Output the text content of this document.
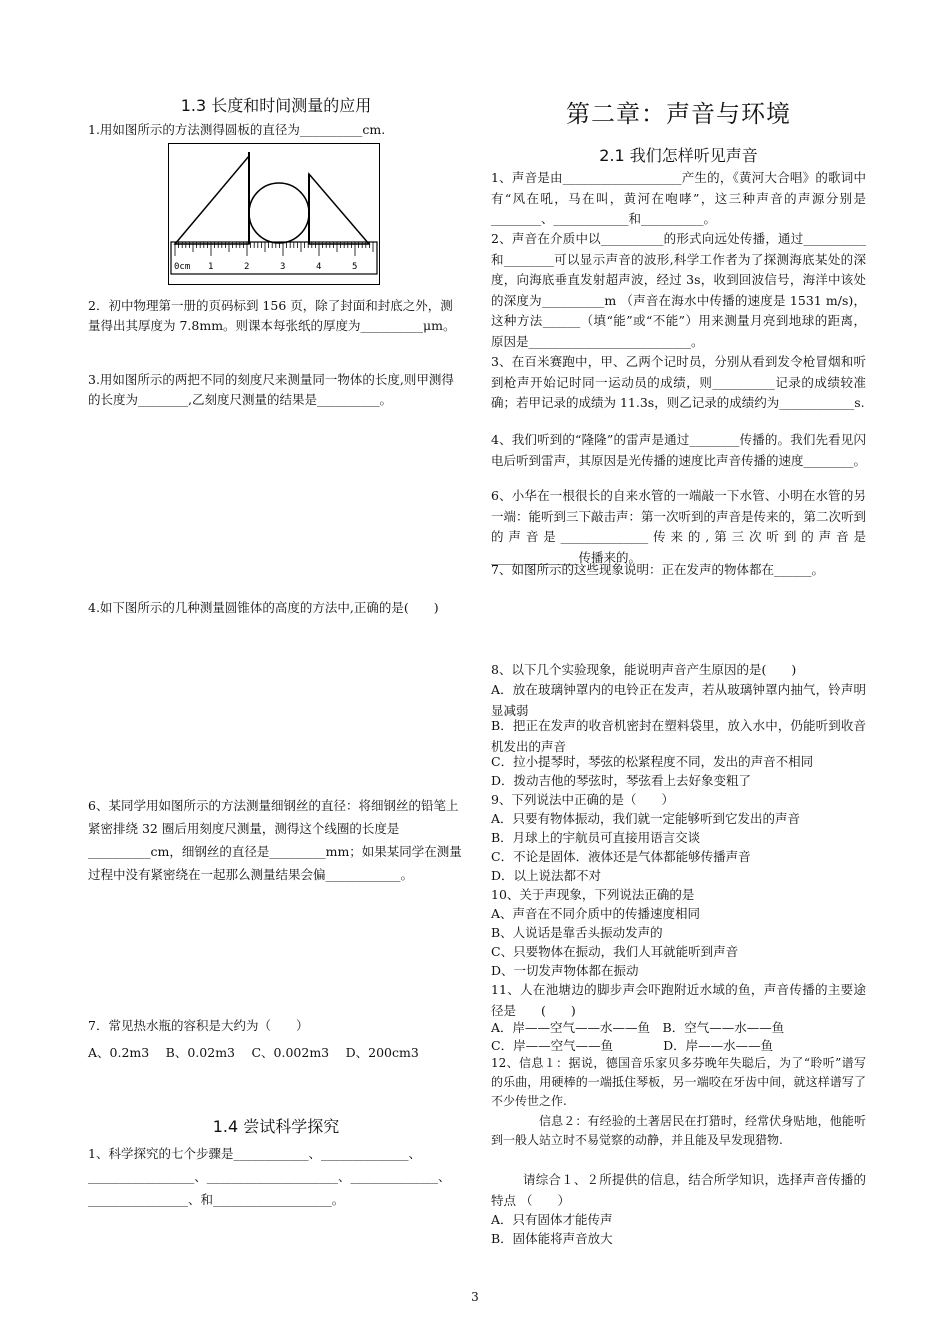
1.3 长度和时间测量的应用
1.用如图所示的方法测得圆板的直径为__________cm.
2．初中物理第一册的页码标到 156 页，除了封面和封底之外，测量得出其厚度为 7.8mm。则课本每张纸的厚度为__________μm。
3.用如图所示的两把不同的刻度尺来测量同一物体的长度,则甲测得的长度为________,乙刻度尺测量的结果是__________。
4.如下图所示的几种测量圆锥体的高度的方法中,正确的是(　　)
6、某同学用如图所示的方法测量细钢丝的直径：将细钢丝的铅笔上紧密排绕 32 圈后用刻度尺测量，测得这个线圈的长度是__________cm，细钢丝的直径是_________mm；如果某同学在测量过程中没有紧密绕在一起那么测量结果会偏____________。
7．常见热水瓶的容积是大约为（　　）
A、0.2m3　 B、0.02m3　 C、0.002m3　 D、200cm3
1.4 尝试科学探究
1、科学探究的七个步骤是____________、______________、_________________、_____________________、______________、________________、和___________________。
0cm 1	2	3	4	5
第二章：声音与环境
2.1 我们怎样听见声音
1、声音是由___________________产生的，《黄河大合唱》的歌词中有“风在吼，马在叫，黄河在咆哮”，这三种声音的声源分别是________、____________和__________。
2、声音在介质中以__________的形式向远处传播，通过__________和________可以显示声音的波形,科学工作者为了探测海底某处的深度，向海底垂直发射超声波，经过 3s，收到回波信号，海洋中该处的深度为__________m （声音在海水中传播的速度是 1531 m/s)，这种方法______（填“能”或“不能”）用来测量月亮到地球的距离，原因是__________________________。
3、在百米赛跑中，甲、乙两个记时员，分别从看到发令枪冒烟和听到枪声开始记时同一运动员的成绩，则__________记录的成绩较准确；若甲记录的成绩为 11.3s，则乙记录的成绩约为____________s.
4、我们听到的“隆隆”的雷声是通过________传播的。我们先看见闪电后听到雷声，其原因是光传播的速度比声音传播的速度________。
6、小华在一根很长的自来水管的一端敲一下水管、小明在水管的另一端：能听到三下敲击声：第一次听到的声音是传来的，第二次听到的声音是______________传来的,第三次听到的声音是______________传播来的。
7、如图所示的这些现象说明：正在发声的物体都在______。
8、以下几个实验现象，能说明声音产生原因的是(　　)
A．放在玻璃钟罩内的电铃正在发声，若从玻璃钟罩内抽气，铃声明显减弱
B．把正在发声的收音机密封在塑料袋里，放入水中，仍能听到收音机发出的声音
C．拉小提琴时，琴弦的松紧程度不同，发出的声音不相同
D．拨动吉他的琴弦时，琴弦看上去好象变粗了
9、下列说法中正确的是（　　）
A．只要有物体振动，我们就一定能够听到它发出的声音
B．月球上的宇航员可直接用语言交谈
C．不论是固体．液体还是气体都能够传播声音
D．以上说法都不对
10、关于声现象，下列说法正确的是
A、声音在不同介质中的传播速度相同
B、人说话是靠舌头振动发声的
C、只要物体在振动，我们人耳就能听到声音
D、一切发声物体都在振动
11、人在池塘边的脚步声会吓跑附近水域的鱼，声音传播的主要途径是　　(　　)
A．岸——空气——水——鱼　B．空气——水——鱼
C．岸——空气——鱼　　　　D．岸——水——鱼
12、信息１：据说，德国音乐家贝多芬晚年失聪后，为了“聆听”谱写的乐曲，用硬棒的一端抵住琴板，另一端咬在牙齿中间，就这样谱写了不少传世之作.
信息２：有经验的土著居民在打猎时，经常伏身贴地，他能听到一般人站立时不易觉察的动静，并且能及早发现猎物.
请综合１、２所提供的信息，结合所学知识，选择声音传播的特点 （　　）
A．只有固体才能传声
B．固体能将声音放大
3
